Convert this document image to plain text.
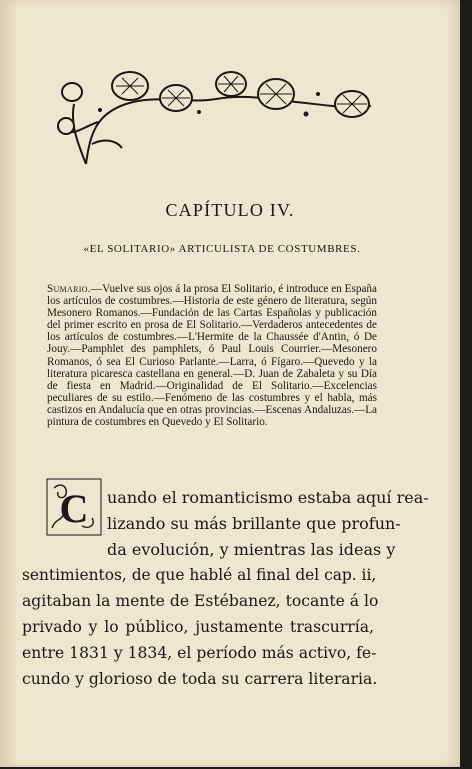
CAPÍTULO IV.
«EL SOLITARIO» ARTICULISTA DE COSTUMBRES.
Sumario.—Vuelve sus ojos á la prosa El Solitario, é introduce en España los artículos de costumbres.—Historia de este género de literatura, según Mesonero Romanos.—Fundación de las Cartas Españolas y publicación del primer escrito en prosa de El Solitario.—Verdaderos antecedentes de los artículos de costumbres.—L'Hermite de la Chaussée d'Antin, ó De Jouy.—Pamphlet des pamphlets, ó Paul Louis Courrier.—Mesonero Romanos, ó sea El Curioso Parlante.—Larra, ó Fígaro.—Quevedo y la literatura picaresca castellana en general.—D. Juan de Zabaleta y su Día de fiesta en Madrid.—Originalidad de El Solitario.—Excelencias peculiares de su estilo.—Fenómeno de las costumbres y el habla, más castizos en Andalucía que en otras provincias.—Escenas Andaluzas.—La pintura de costumbres en Quevedo y El Solitario.
C uando el romanticismo estaba aquí rea-
lizando su más brillante que profun-
da evolución, y mientras las ideas y
sentimientos, de que hablé al final del cap. ii,
agitaban la mente de Estébanez, tocante á lo
privado y lo público, justamente trascurría,
entre 1831 y 1834, el período más activo, fe-
cundo y glorioso de toda su carrera literaria.
